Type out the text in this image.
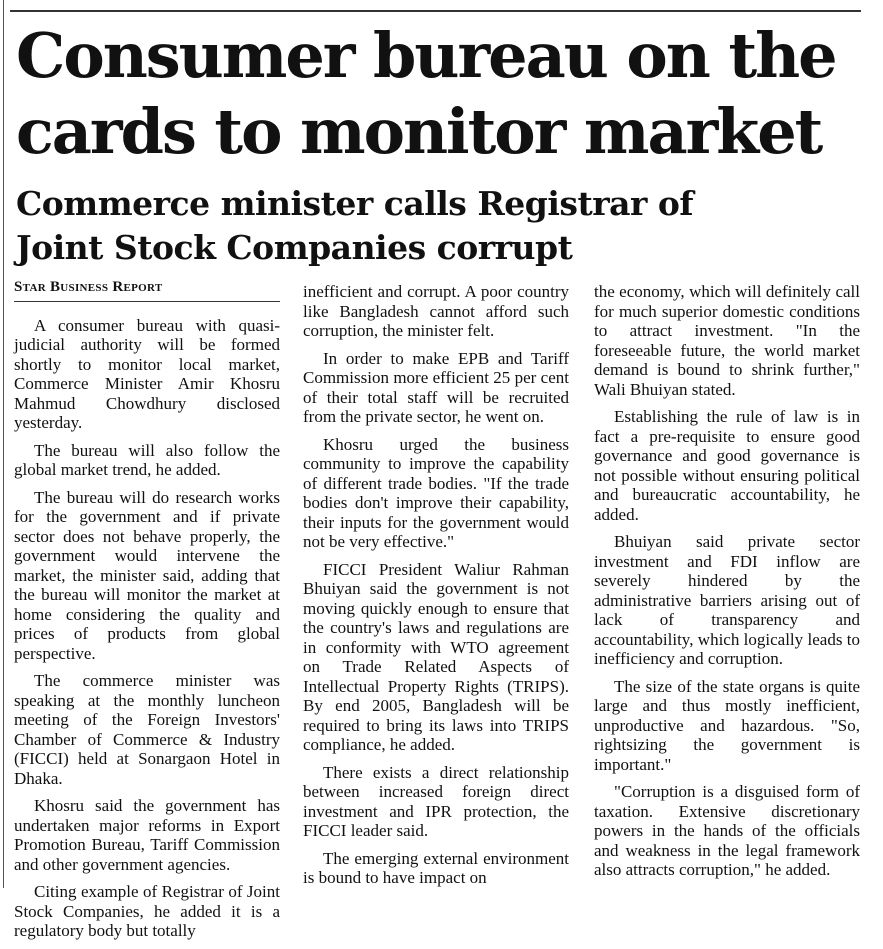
Consumer bureau on the cards to monitor market
Commerce minister calls Registrar of Joint Stock Companies corrupt
Star Business Report

A consumer bureau with quasi-judicial authority will be formed shortly to monitor local market, Commerce Minister Amir Khosru Mahmud Chowdhury disclosed yesterday.

The bureau will also follow the global market trend, he added.

The bureau will do research works for the government and if private sector does not behave properly, the government would intervene the market, the minister said, adding that the bureau will monitor the market at home considering the quality and prices of products from global perspective.

The commerce minister was speaking at the monthly luncheon meeting of the Foreign Investors' Chamber of Commerce & Industry (FICCI) held at Sonargaon Hotel in Dhaka.

Khosru said the government has undertaken major reforms in Export Promotion Bureau, Tariff Commission and other government agencies.

Citing example of Registrar of Joint Stock Companies, he added it is a regulatory body but totally

inefficient and corrupt. A poor country like Bangladesh cannot afford such corruption, the minister felt.

In order to make EPB and Tariff Commission more efficient 25 per cent of their total staff will be recruited from the private sector, he went on.

Khosru urged the business community to improve the capability of different trade bodies. "If the trade bodies don't improve their capability, their inputs for the government would not be very effective."

FICCI President Waliur Rahman Bhuiyan said the government is not moving quickly enough to ensure that the country's laws and regulations are in conformity with WTO agreement on Trade Related Aspects of Intellectual Property Rights (TRIPS). By end 2005, Bangladesh will be required to bring its laws into TRIPS compliance, he added.

There exists a direct relationship between increased foreign direct investment and IPR protection, the FICCI leader said.

The emerging external environment is bound to have impact on

the economy, which will definitely call for much superior domestic conditions to attract investment. "In the foreseeable future, the world market demand is bound to shrink further," Wali Bhuiyan stated.

Establishing the rule of law is in fact a pre-requisite to ensure good governance and good governance is not possible without ensuring political and bureaucratic accountability, he added.

Bhuiyan said private sector investment and FDI inflow are severely hindered by the administrative barriers arising out of lack of transparency and accountability, which logically leads to inefficiency and corruption.

The size of the state organs is quite large and thus mostly inefficient, unproductive and hazardous. "So, rightsizing the government is important."

"Corruption is a disguised form of taxation. Extensive discretionary powers in the hands of the officials and weakness in the legal framework also attracts corruption," he added.
